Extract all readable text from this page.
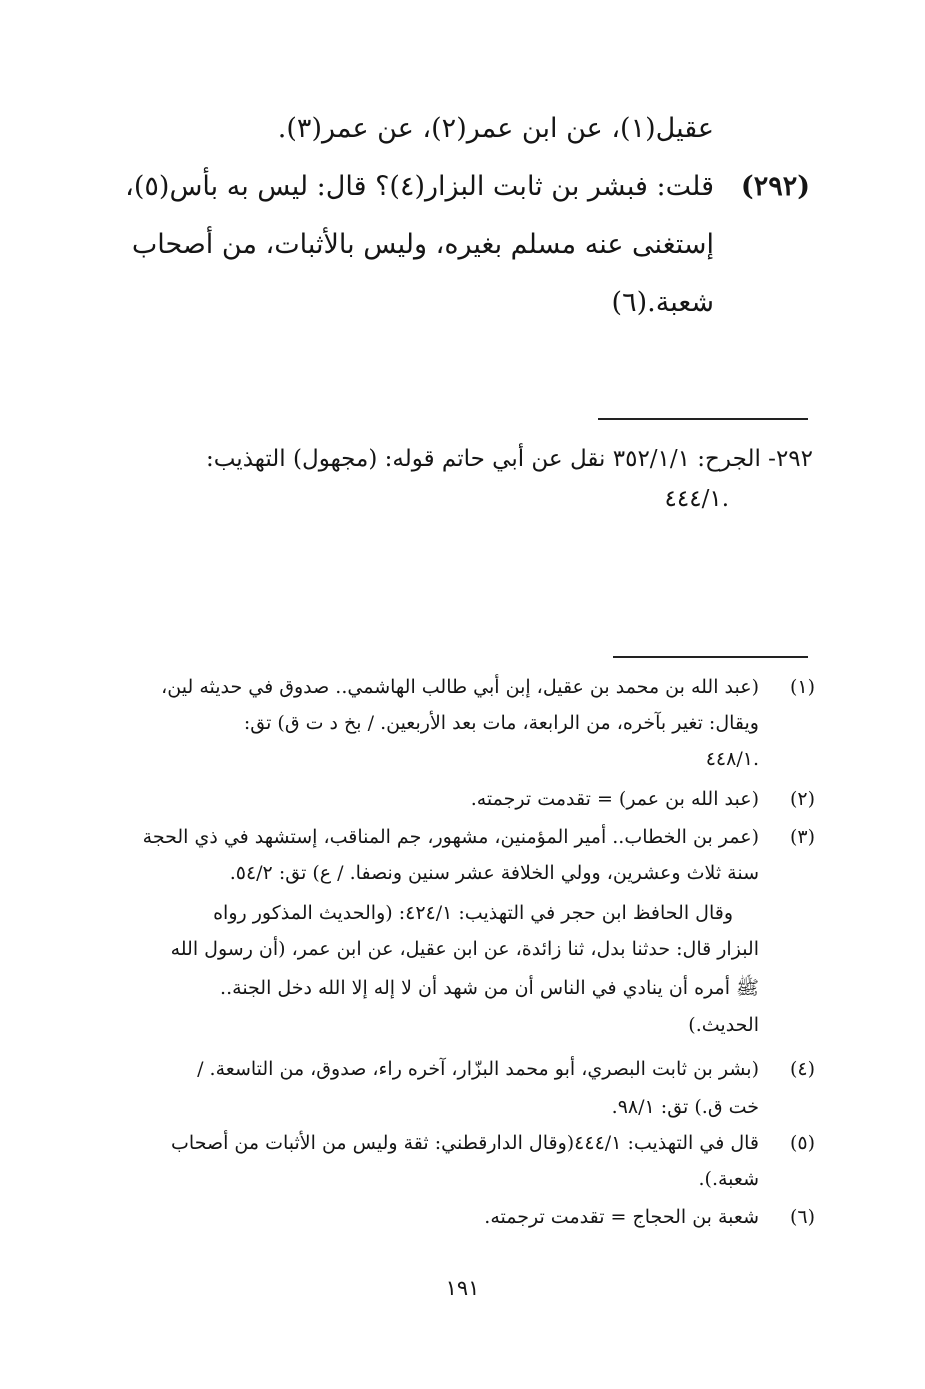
عقيل(١)، عن ابن عمر(٢)، عن عمر(٣).
(٢٩٢)
قلت: فبشر بن ثابت البزار(٤)؟ قال: ليس به بأس(٥)،
إستغنى عنه مسلم بغيره، وليس بالأثبات، من أصحاب
شعبة.(٦)
٢٩٢- الجرح: ٣٥٢/١/١ نقل عن أبي حاتم قوله: (مجهول) التهذيب:
.٤٤٤/١
(١)
(عبد الله بن محمد بن عقيل، إبن أبي طالب الهاشمي.. صدوق في حديثه لين،
ويقال: تغير بآخره، من الرابعة، مات بعد الأربعين. / بخ د ت ق) تق:
.٤٤٨/١
(٢)
(عبد الله بن عمر) = تقدمت ترجمته.
(٣)
(عمر بن الخطاب.. أمير المؤمنين، مشهور، جم المناقب، إستشهد في ذي الحجة
سنة ثلاث وعشرين، وولي الخلافة عشر سنين ونصفا. / ع) تق: ٥٤/٢.
وقال الحافظ ابن حجر في التهذيب: ٤٢٤/١: (والحديث المذكور رواه
البزار قال: حدثنا بدل، ثنا زائدة، عن ابن عقيل، عن ابن عمر، (أن رسول الله
ﷺ أمره أن ينادي في الناس أن من شهد أن لا إله إلا الله دخل الجنة..
الحديث.)
(٤)
(بشر بن ثابت البصري، أبو محمد البزّار، آخره راء، صدوق، من التاسعة. /
خت ق.) تق: ٩٨/١.
(٥)
قال في التهذيب: ٤٤٤/١(وقال الدارقطني: ثقة وليس من الأثبات من أصحاب
شعبة.).
(٦)
شعبة بن الحجاج = تقدمت ترجمته.
١٩١
